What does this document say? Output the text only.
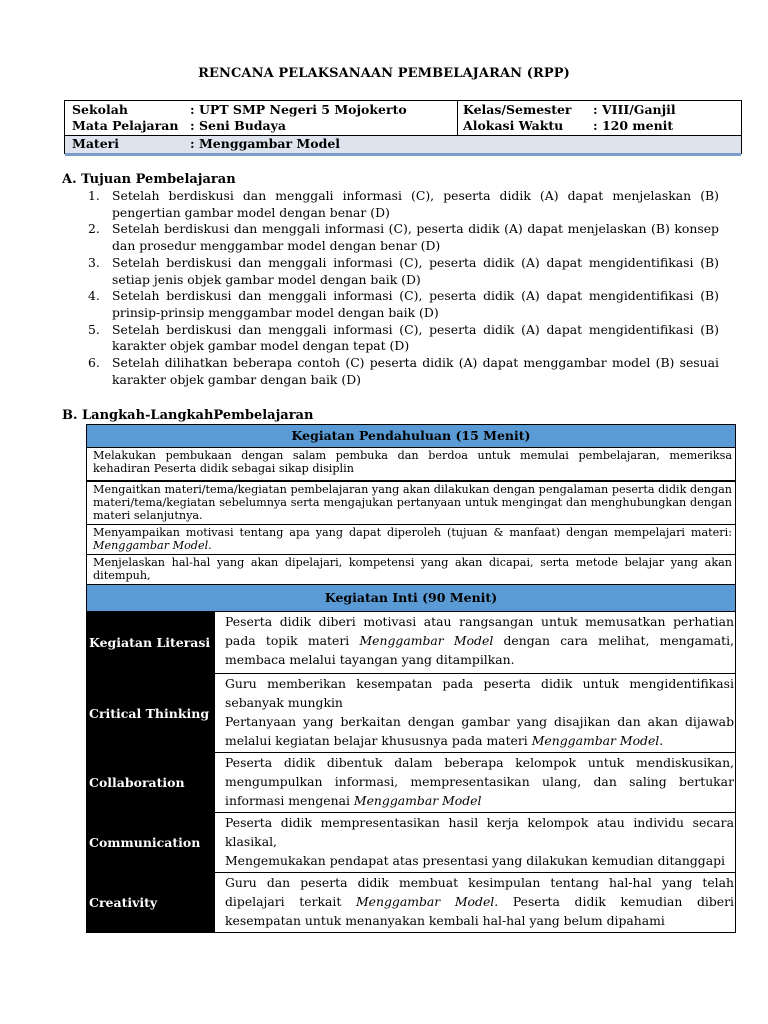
RENCANA PELAKSANAAN PEMBELAJARAN (RPP)
Sekolah	: UPT SMP Negeri 5 Mojokerto
Mata Pelajaran : Seni Budaya
Kelas/Semester : VIII/Ganjil
Alokasi Waktu : 120 menit
Materi	: Menggambar Model
A. Tujuan Pembelajaran
1. Setelah berdiskusi dan menggali informasi (C), peserta didik (A) dapat menjelaskan (B) pengertian gambar model dengan benar (D)
2. Setelah berdiskusi dan menggali informasi (C), peserta didik (A) dapat menjelaskan (B) konsep dan prosedur menggambar model dengan benar (D)
3. Setelah berdiskusi dan menggali informasi (C), peserta didik (A) dapat mengidentifikasi (B) setiap jenis objek gambar model dengan baik (D)
4. Setelah berdiskusi dan menggali informasi (C), peserta didik (A) dapat mengidentifikasi (B) prinsip-prinsip menggambar model dengan baik (D)
5. Setelah berdiskusi dan menggali informasi (C), peserta didik (A) dapat mengidentifikasi (B) karakter objek gambar model dengan tepat (D)
6. Setelah dilihatkan beberapa contoh (C) peserta didik (A) dapat menggambar model (B) sesuai karakter objek gambar dengan baik (D)
B. Langkah-LangkahPembelajaran
Kegiatan Pendahuluan (15 Menit)
Melakukan pembukaan dengan salam pembuka dan berdoa untuk memulai pembelajaran, memeriksa kehadiran Peserta didik sebagai sikap disiplin
Mengaitkan materi/tema/kegiatan pembelajaran yang akan dilakukan dengan pengalaman peserta didik dengan materi/tema/kegiatan sebelumnya serta mengajukan pertanyaan untuk mengingat dan menghubungkan dengan materi selanjutnya.
Menyampaikan motivasi tentang apa yang dapat diperoleh (tujuan & manfaat) dengan mempelajari materi: Menggambar Model.
Menjelaskan hal-hal yang akan dipelajari, kompetensi yang akan dicapai, serta metode belajar yang akan ditempuh,
Kegiatan Inti (90 Menit)
Kegiatan Literasi

Peserta didik diberi motivasi atau rangsangan untuk memusatkan perhatian pada topik materi Menggambar Model dengan cara melihat, mengamati, membaca melalui tayangan yang ditampilkan.

Critical Thinking

Guru memberikan kesempatan pada peserta didik untuk mengidentifikasi sebanyak mungkin

Pertanyaan yang berkaitan dengan gambar yang disajikan dan akan dijawab melalui kegiatan belajar khususnya pada materi Menggambar Model.

Collaboration

Peserta didik dibentuk dalam beberapa kelompok untuk mendiskusikan, mengumpulkan informasi, mempresentasikan ulang, dan saling bertukar informasi mengenai Menggambar Model

Communication

Peserta didik mempresentasikan hasil kerja kelompok atau individu secara klasikal,

Mengemukakan pendapat atas presentasi yang dilakukan kemudian ditanggapi

Creativity

Guru dan peserta didik membuat kesimpulan tentang hal-hal yang telah dipelajari terkait Menggambar Model. Peserta didik kemudian diberi kesempatan untuk menanyakan kembali hal-hal yang belum dipahami
